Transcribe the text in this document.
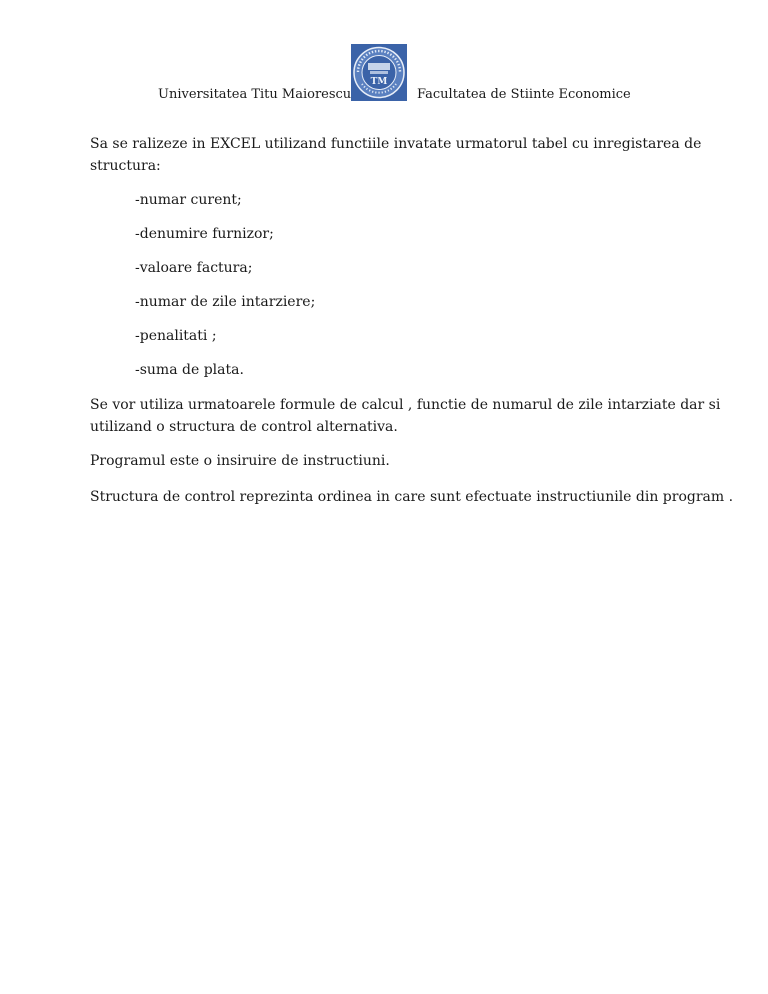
Universitatea Titu Maiorescu
TM
Facultatea de Stiinte Economice
Sa se ralizeze in EXCEL utilizand functiile invatate urmatorul tabel cu inregistarea de
structura:
-numar curent;
-denumire furnizor;
-valoare factura;
-numar de zile intarziere;
-penalitati ;
-suma de plata.
Se vor utiliza urmatoarele formule de calcul , functie de numarul de zile intarziate dar si
utilizand o structura de control alternativa.
Programul este o insiruire de instructiuni.
Structura de control reprezinta ordinea in care sunt efectuate instructiunile din program .
